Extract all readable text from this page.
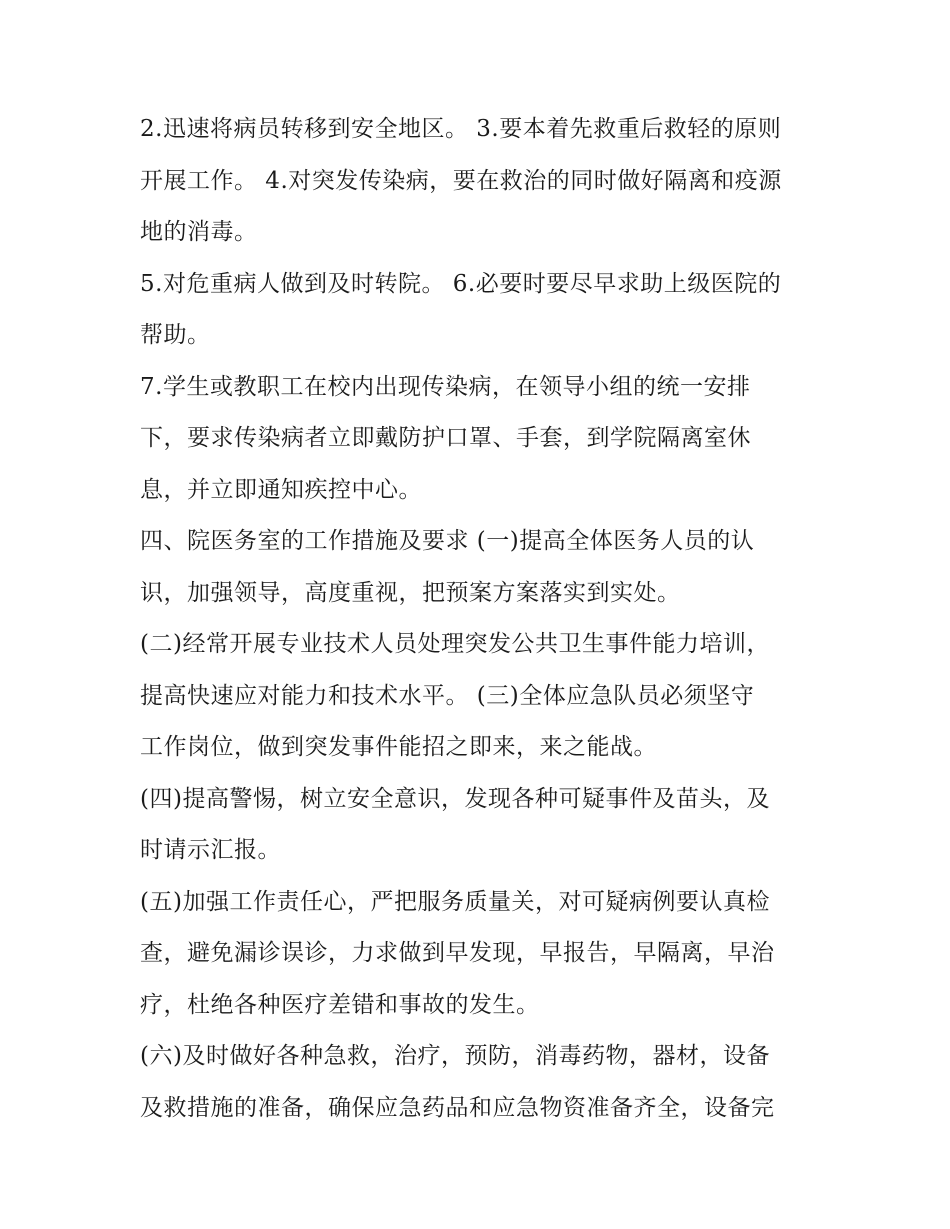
2.迅速将病员转移到安全地区。 3.要本着先救重后救轻的原则
开展工作。 4.对突发传染病，要在救治的同时做好隔离和疫源
地的消毒。
5.对危重病人做到及时转院。 6.必要时要尽早求助上级医院的
帮助。
7.学生或教职工在校内出现传染病，在领导小组的统一安排
下，要求传染病者立即戴防护口罩、手套，到学院隔离室休
息，并立即通知疾控中心。
四、院医务室的工作措施及要求 (一)提高全体医务人员的认
识，加强领导，高度重视，把预案方案落实到实处。
(二)经常开展专业技术人员处理突发公共卫生事件能力培训，
提高快速应对能力和技术水平。 (三)全体应急队员必须坚守
工作岗位，做到突发事件能招之即来，来之能战。
(四)提高警惕，树立安全意识，发现各种可疑事件及苗头，及
时请示汇报。
(五)加强工作责任心，严把服务质量关，对可疑病例要认真检
查，避免漏诊误诊，力求做到早发现，早报告，早隔离，早治
疗，杜绝各种医疗差错和事故的发生。
(六)及时做好各种急救，治疗，预防，消毒药物，器材，设备
及救措施的准备，确保应急药品和应急物资准备齐全，设备完
